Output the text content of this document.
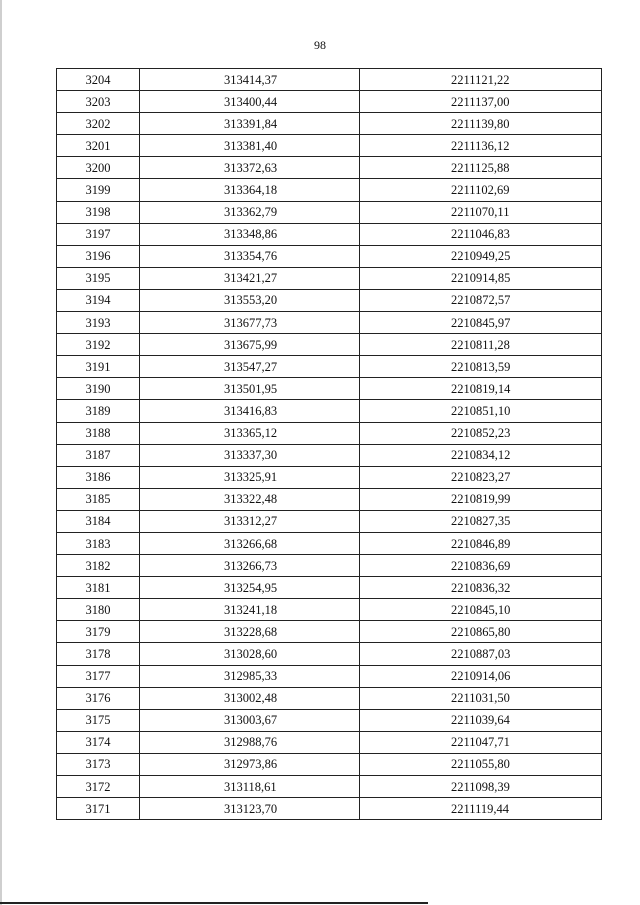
98
3204	313414,37	2211121,22
3203	313400,44	2211137,00
3202	313391,84	2211139,80
3201	313381,40	2211136,12
3200	313372,63	2211125,88
3199	313364,18	2211102,69
3198	313362,79	2211070,11
3197	313348,86	2211046,83
3196	313354,76	2210949,25
3195	313421,27	2210914,85
3194	313553,20	2210872,57
3193	313677,73	2210845,97
3192	313675,99	2210811,28
3191	313547,27	2210813,59
3190	313501,95	2210819,14
3189	313416,83	2210851,10
3188	313365,12	2210852,23
3187	313337,30	2210834,12
3186	313325,91	2210823,27
3185	313322,48	2210819,99
3184	313312,27	2210827,35
3183	313266,68	2210846,89
3182	313266,73	2210836,69
3181	313254,95	2210836,32
3180	313241,18	2210845,10
3179	313228,68	2210865,80
3178	313028,60	2210887,03
3177	312985,33	2210914,06
3176	313002,48	2211031,50
3175	313003,67	2211039,64
3174	312988,76	2211047,71
3173	312973,86	2211055,80
3172	313118,61	2211098,39
3171	313123,70	2211119,44
